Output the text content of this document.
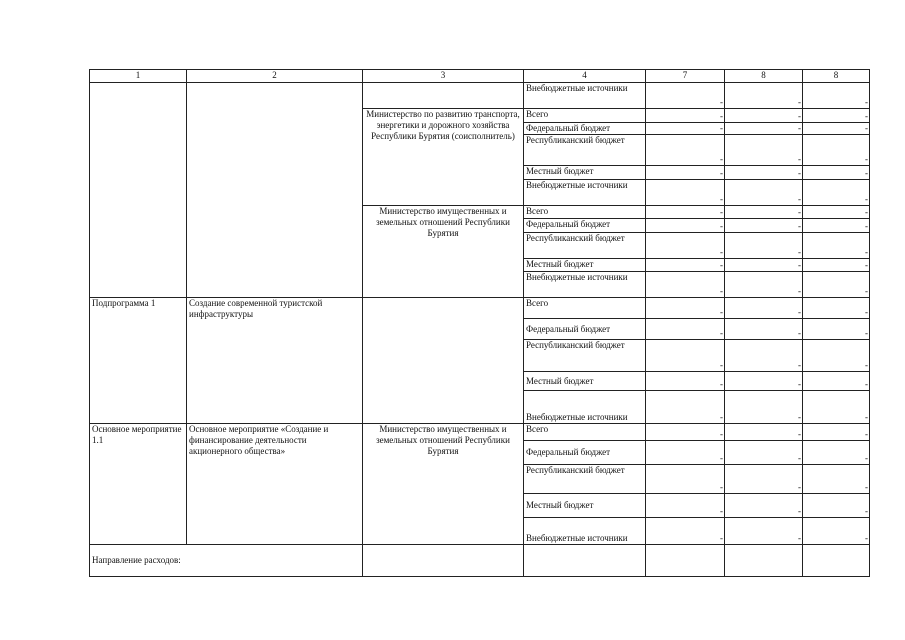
1	2	3	4	7	8	8
			Внебюджетные источники	-	-	-
		Министерство по развитию транспорта, энергетики и дорожного хозяйства Республики Бурятия (соисполнитель)	Всего	-	-	-
			Федеральный бюджет	-	-	-
			Республиканский бюджет	-	-	-
			Местный бюджет	-	-	-
			Внебюджетные источники	-	-	-
		Министерство имущественных и земельных отношений Республики Бурятия	Всего	-	-	-
			Федеральный бюджет	-	-	-
			Республиканский бюджет	-	-	-
			Местный бюджет	-	-	-
			Внебюджетные источники	-	-	-
Подпрограмма 1	Создание современной туристской инфраструктуры		Всего	-	-	-
			Федеральный бюджет	-	-	-
			Республиканский бюджет	-	-	-
			Местный бюджет	-	-	-
			Внебюджетные источники	-	-	-
Основное мероприятие 1.1	Основное мероприятие «Создание и финансирование деятельности акционерного общества»	Министерство имущественных и земельных отношений Республики Бурятия	Всего	-	-	-
			Федеральный бюджет	-	-	-
			Республиканский бюджет	-	-	-
			Местный бюджет	-	-	-
			Внебюджетные источники	-	-	-
Направление расходов:						
